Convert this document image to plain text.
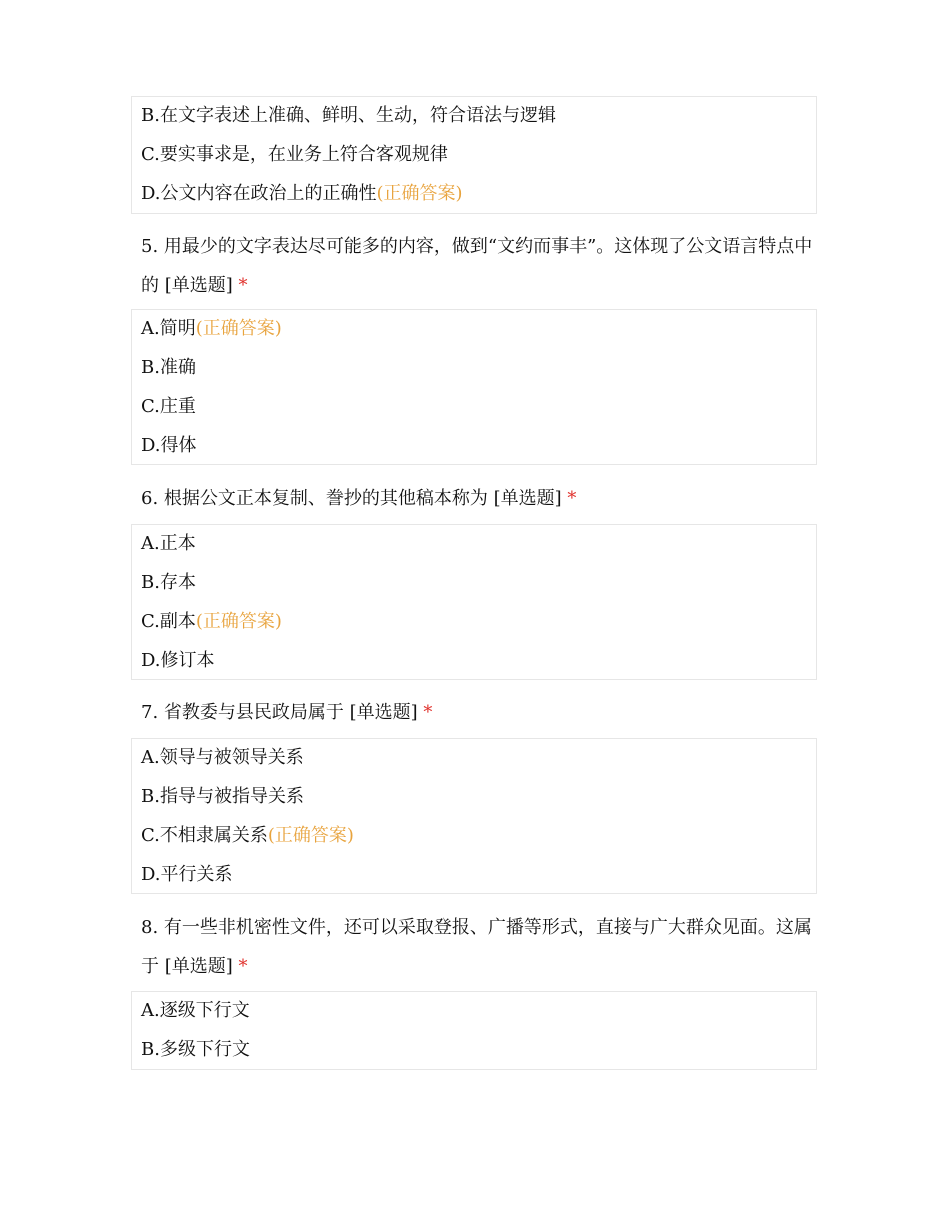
B.在文字表述上准确、鲜明、生动，符合语法与逻辑
C.要实事求是，在业务上符合客观规律
D.公文内容在政治上的正确性(正确答案)
5. 用最少的文字表达尽可能多的内容，做到“文约而事丰”。这体现了公文语言特点中的 [单选题] *
A.简明(正确答案)
B.准确
C.庄重
D.得体
6. 根据公文正本复制、誊抄的其他稿本称为 [单选题] *
A.正本
B.存本
C.副本(正确答案)
D.修订本
7. 省教委与县民政局属于 [单选题] *
A.领导与被领导关系
B.指导与被指导关系
C.不相隶属关系(正确答案)
D.平行关系
8. 有一些非机密性文件，还可以采取登报、广播等形式，直接与广大群众见面。这属于 [单选题] *
A.逐级下行文
B.多级下行文
